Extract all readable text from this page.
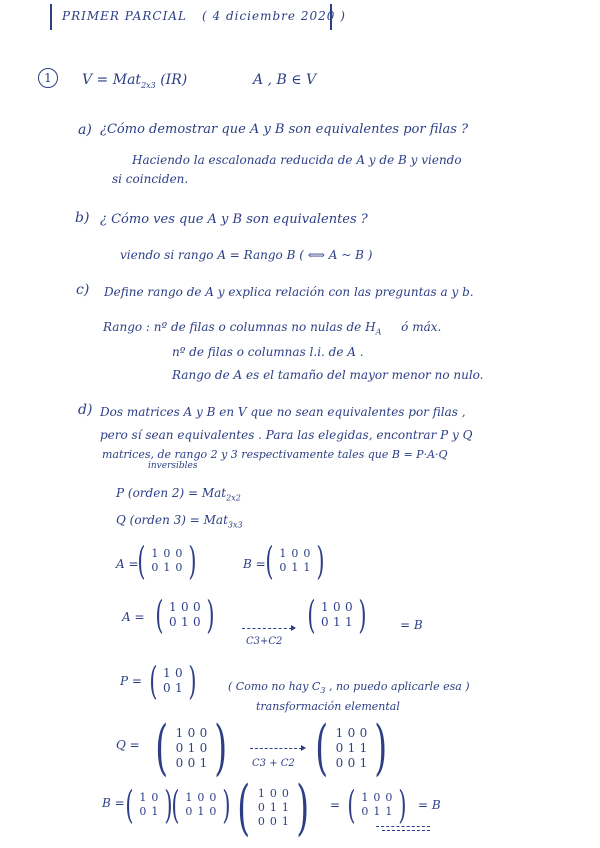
PRIMER PARCIAL ( 4 diciembre 2020 )
1	V = Mat$_{2x3}$ (IR)	A , B ∈ V
a) ¿Cómo demostrar que A y B son equivalentes por filas ?
Haciendo la escalonada reducida de A y de B y viendo
si coinciden.
b) ¿ Cómo ves que A y B son equivalentes ?
viendo si rango A = Rango B ( ⟺ A ~ B )
c) Define rango de A y explica relación con las preguntas a y b.
Rango : nº de filas o columnas no nulas de $H_A$ ó máx.
nº de filas o columnas l.i. de A .
Rango de A es el tamaño del mayor menor no nulo.
d) Dos matrices A y B en V que no sean equivalentes por filas ,
pero sí sean equivalentes . Para las elegidas, encontrar P y Q
matrices, de rango 2 y 3 respectivamente tales que B = P·A·Q
inversibles
P (orden 2) = Mat$_{2x2}$
Q (orden 3) = Mat$_{3x3}$
A =
( 1 0 0
0 1 0 )	B = ( 1 0 0
0 1 1 )
A = ( 1 0 0
0 1 0 )
C3+C2
( 1 0 0
0 1 1 )	= B
P = ( 1 0
0 1 )	( Como no hay $C_3$ , no puedo aplicarle esa )
transformación elemental
Q = ( 1 0 0
0 1 0
0 0 1 ) C3 + C2 ( 1 0 0
0 1 1
0 0 1 )
B = ( 1 0
0 1 ) ( 1 0 0
0 1 0 ) ( 1 0 0
0 1 1
0 0 1 ) = ( 1 0 0
0 1 1 ) = B
